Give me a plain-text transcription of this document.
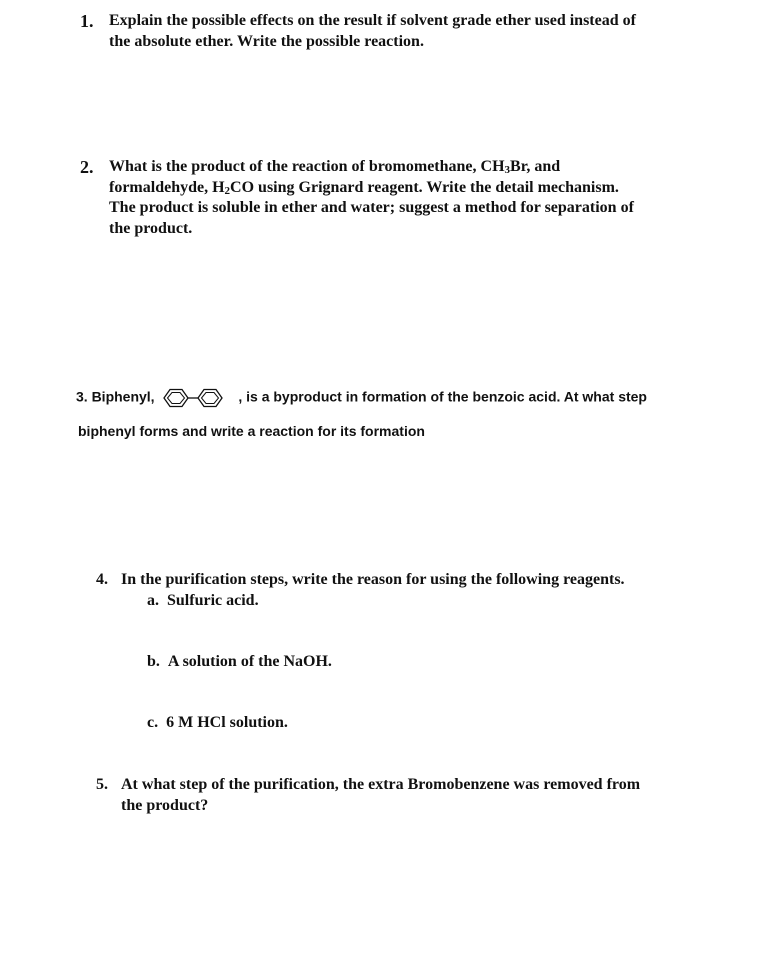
1. Explain the possible effects on the result if solvent grade ether used instead of
the absolute ether. Write the possible reaction.
2. What is the product of the reaction of bromomethane, $CH_3Br$, and
formaldehyde, $H_2CO$ using Grignard reagent. Write the detail mechanism.
The product is soluble in ether and water; suggest a method for separation of
the product.
3. Biphenyl,	, is a byproduct in formation of the benzoic acid. At what step
biphenyl forms and write a reaction for its formation
4. In the purification steps, write the reason for using the following reagents.
a. Sulfuric acid.
b. A solution of the NaOH.
c. 6 M HCl solution.
5. At what step of the purification, the extra Bromobenzene was removed from
the product?
